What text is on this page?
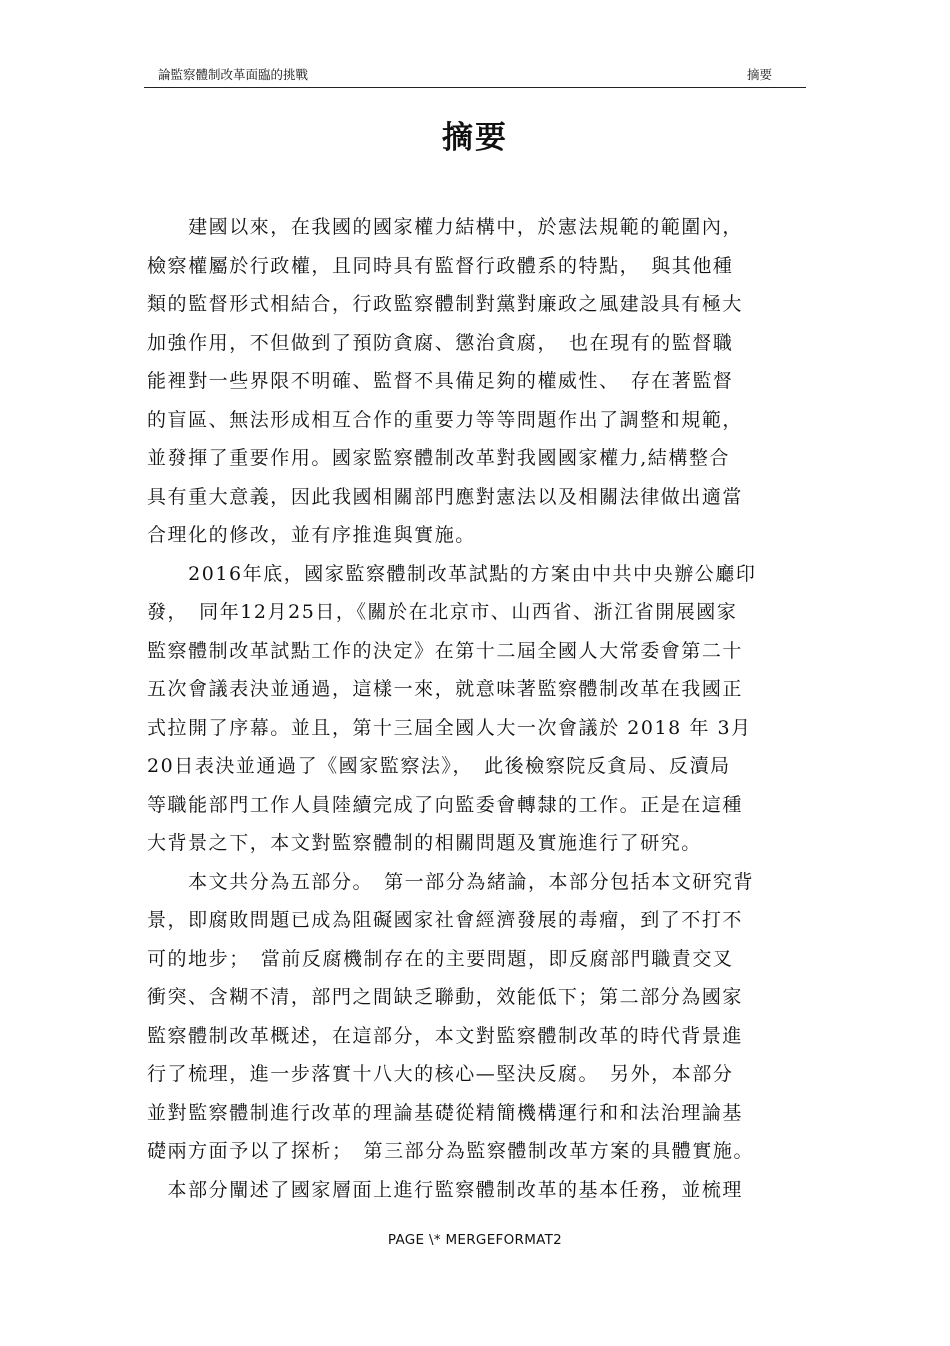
論監察體制改革面臨的挑戰	摘要
摘要
　　建國以來，在我國的國家權力結構中，於憲法規範的範圍內，
檢察權屬於行政權，且同時具有監督行政體系的特點，　與其他種
類的監督形式相結合，行政監察體制對黨對廉政之風建設具有極大
加強作用，不但做到了預防貪腐、懲治貪腐，　也在現有的監督職
能裡對一些界限不明確、監督不具備足夠的權威性、　存在著監督
的盲區、無法形成相互合作的重要力等等問題作出了調整和規範，
並發揮了重要作用。國家監察體制改革對我國國家權力,結構整合
具有重大意義，因此我國相關部門應對憲法以及相關法律做出適當
合理化的修改，並有序推進與實施。
　　2016年底，國家監察體制改革試點的方案由中共中央辦公廳印
發，　同年12月25日，《關於在北京市、山西省、浙江省開展國家
監察體制改革試點工作的決定》在第十二屆全國人大常委會第二十
五次會議表決並通過，這樣一來，就意味著監察體制改革在我國正
式拉開了序幕。並且，第十三屆全國人大一次會議於 2018 年 3月
20日表決並通過了《國家監察法》，　此後檢察院反貪局、反瀆局
等職能部門工作人員陸續完成了向監委會轉隸的工作。正是在這種
大背景之下，本文對監察體制的相關問題及實施進行了研究。
　　本文共分為五部分。　第一部分為緒論，本部分包括本文研究背
景，即腐敗問題已成為阻礙國家社會經濟發展的毒瘤，到了不打不
可的地步；　當前反腐機制存在的主要問題，即反腐部門職責交叉
衝突、含糊不清，部門之間缺乏聯動，效能低下；第二部分為國家
監察體制改革概述，在這部分，本文對監察體制改革的時代背景進
行了梳理，進一步落實十八大的核心—堅決反腐。　另外，本部分
並對監察體制進行改革的理論基礎從精簡機構運行和和法治理論基
礎兩方面予以了探析；　第三部分為監察體制改革方案的具體實施。
　本部分闡述了國家層面上進行監察體制改革的基本任務，並梳理
PAGE \* MERGEFORMAT2
